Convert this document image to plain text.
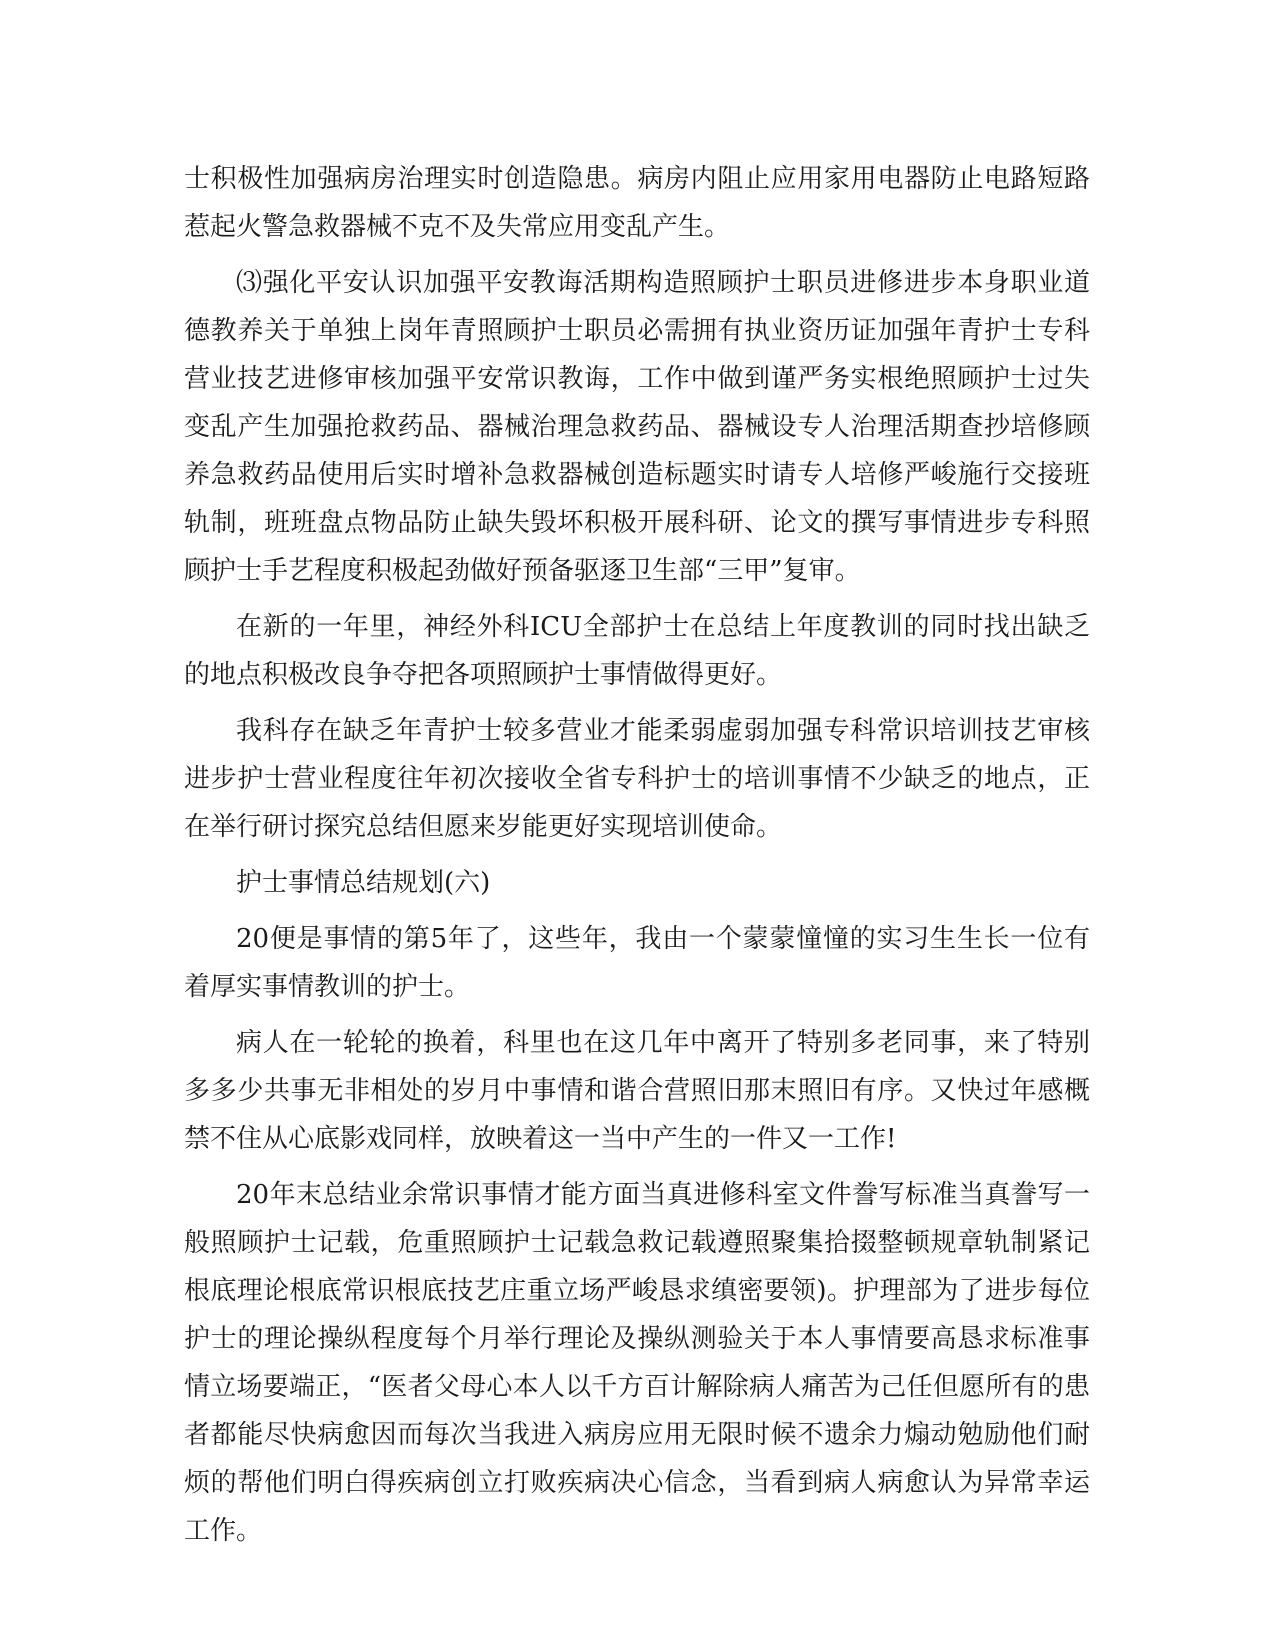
士积极性加强病房治理实时创造隐患。病房内阻止应用家用电器防止电路短路惹起火警急救器械不克不及失常应用变乱产生。

⑶强化平安认识加强平安教诲活期构造照顾护士职员进修进步本身职业道德教养关于单独上岗年青照顾护士职员必需拥有执业资历证加强年青护士专科营业技艺进修审核加强平安常识教诲，工作中做到谨严务实根绝照顾护士过失变乱产生加强抢救药品、器械治理急救药品、器械设专人治理活期查抄培修顾养急救药品使用后实时增补急救器械创造标题实时请专人培修严峻施行交接班轨制，班班盘点物品防止缺失毁坏积极开展科研、论文的撰写事情进步专科照顾护士手艺程度积极起劲做好预备驱逐卫生部“三甲”复审。

在新的一年里，神经外科ICU全部护士在总结上年度教训的同时找出缺乏的地点积极改良争夺把各项照顾护士事情做得更好。

我科存在缺乏年青护士较多营业才能柔弱虚弱加强专科常识培训技艺审核进步护士营业程度往年初次接收全省专科护士的培训事情不少缺乏的地点，正在举行研讨探究总结但愿来岁能更好实现培训使命。

护士事情总结规划(六)

20便是事情的第5年了，这些年，我由一个蒙蒙憧憧的实习生生长一位有着厚实事情教训的护士。

病人在一轮轮的换着，科里也在这几年中离开了特别多老同事，来了特别多多少共事无非相处的岁月中事情和谐合营照旧那末照旧有序。又快过年感概禁不住从心底影戏同样，放映着这一当中产生的一件又一工作!

20年末总结业余常识事情才能方面当真进修科室文件誊写标准当真誊写一般照顾护士记载，危重照顾护士记载急救记载遵照聚集拾掇整顿规章轨制紧记根底理论根底常识根底技艺庄重立场严峻恳求缜密要领)。护理部为了进步每位护士的理论操纵程度每个月举行理论及操纵测验关于本人事情要高恳求标准事情立场要端正，“医者父母心本人以千方百计解除病人痛苦为己任但愿所有的患者都能尽快病愈因而每次当我进入病房应用无限时候不遗余力煽动勉励他们耐烦的帮他们明白得疾病创立打败疾病决心信念，当看到病人病愈认为异常幸运工作。
